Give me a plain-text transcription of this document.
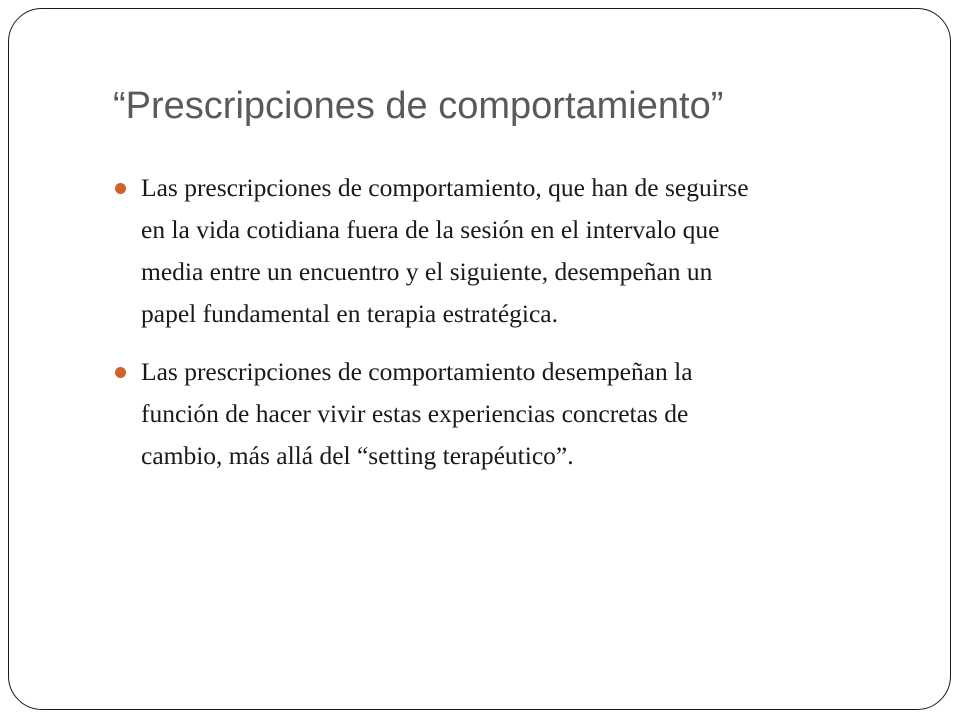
“Prescripciones de comportamiento”
Las prescripciones de comportamiento, que han de seguirse
en la vida cotidiana fuera de la sesión en el intervalo que
media entre un encuentro y el siguiente, desempeñan un
papel fundamental en terapia estratégica.
Las prescripciones de comportamiento desempeñan la
función de hacer vivir estas experiencias concretas de
cambio, más allá del “setting terapéutico”.
